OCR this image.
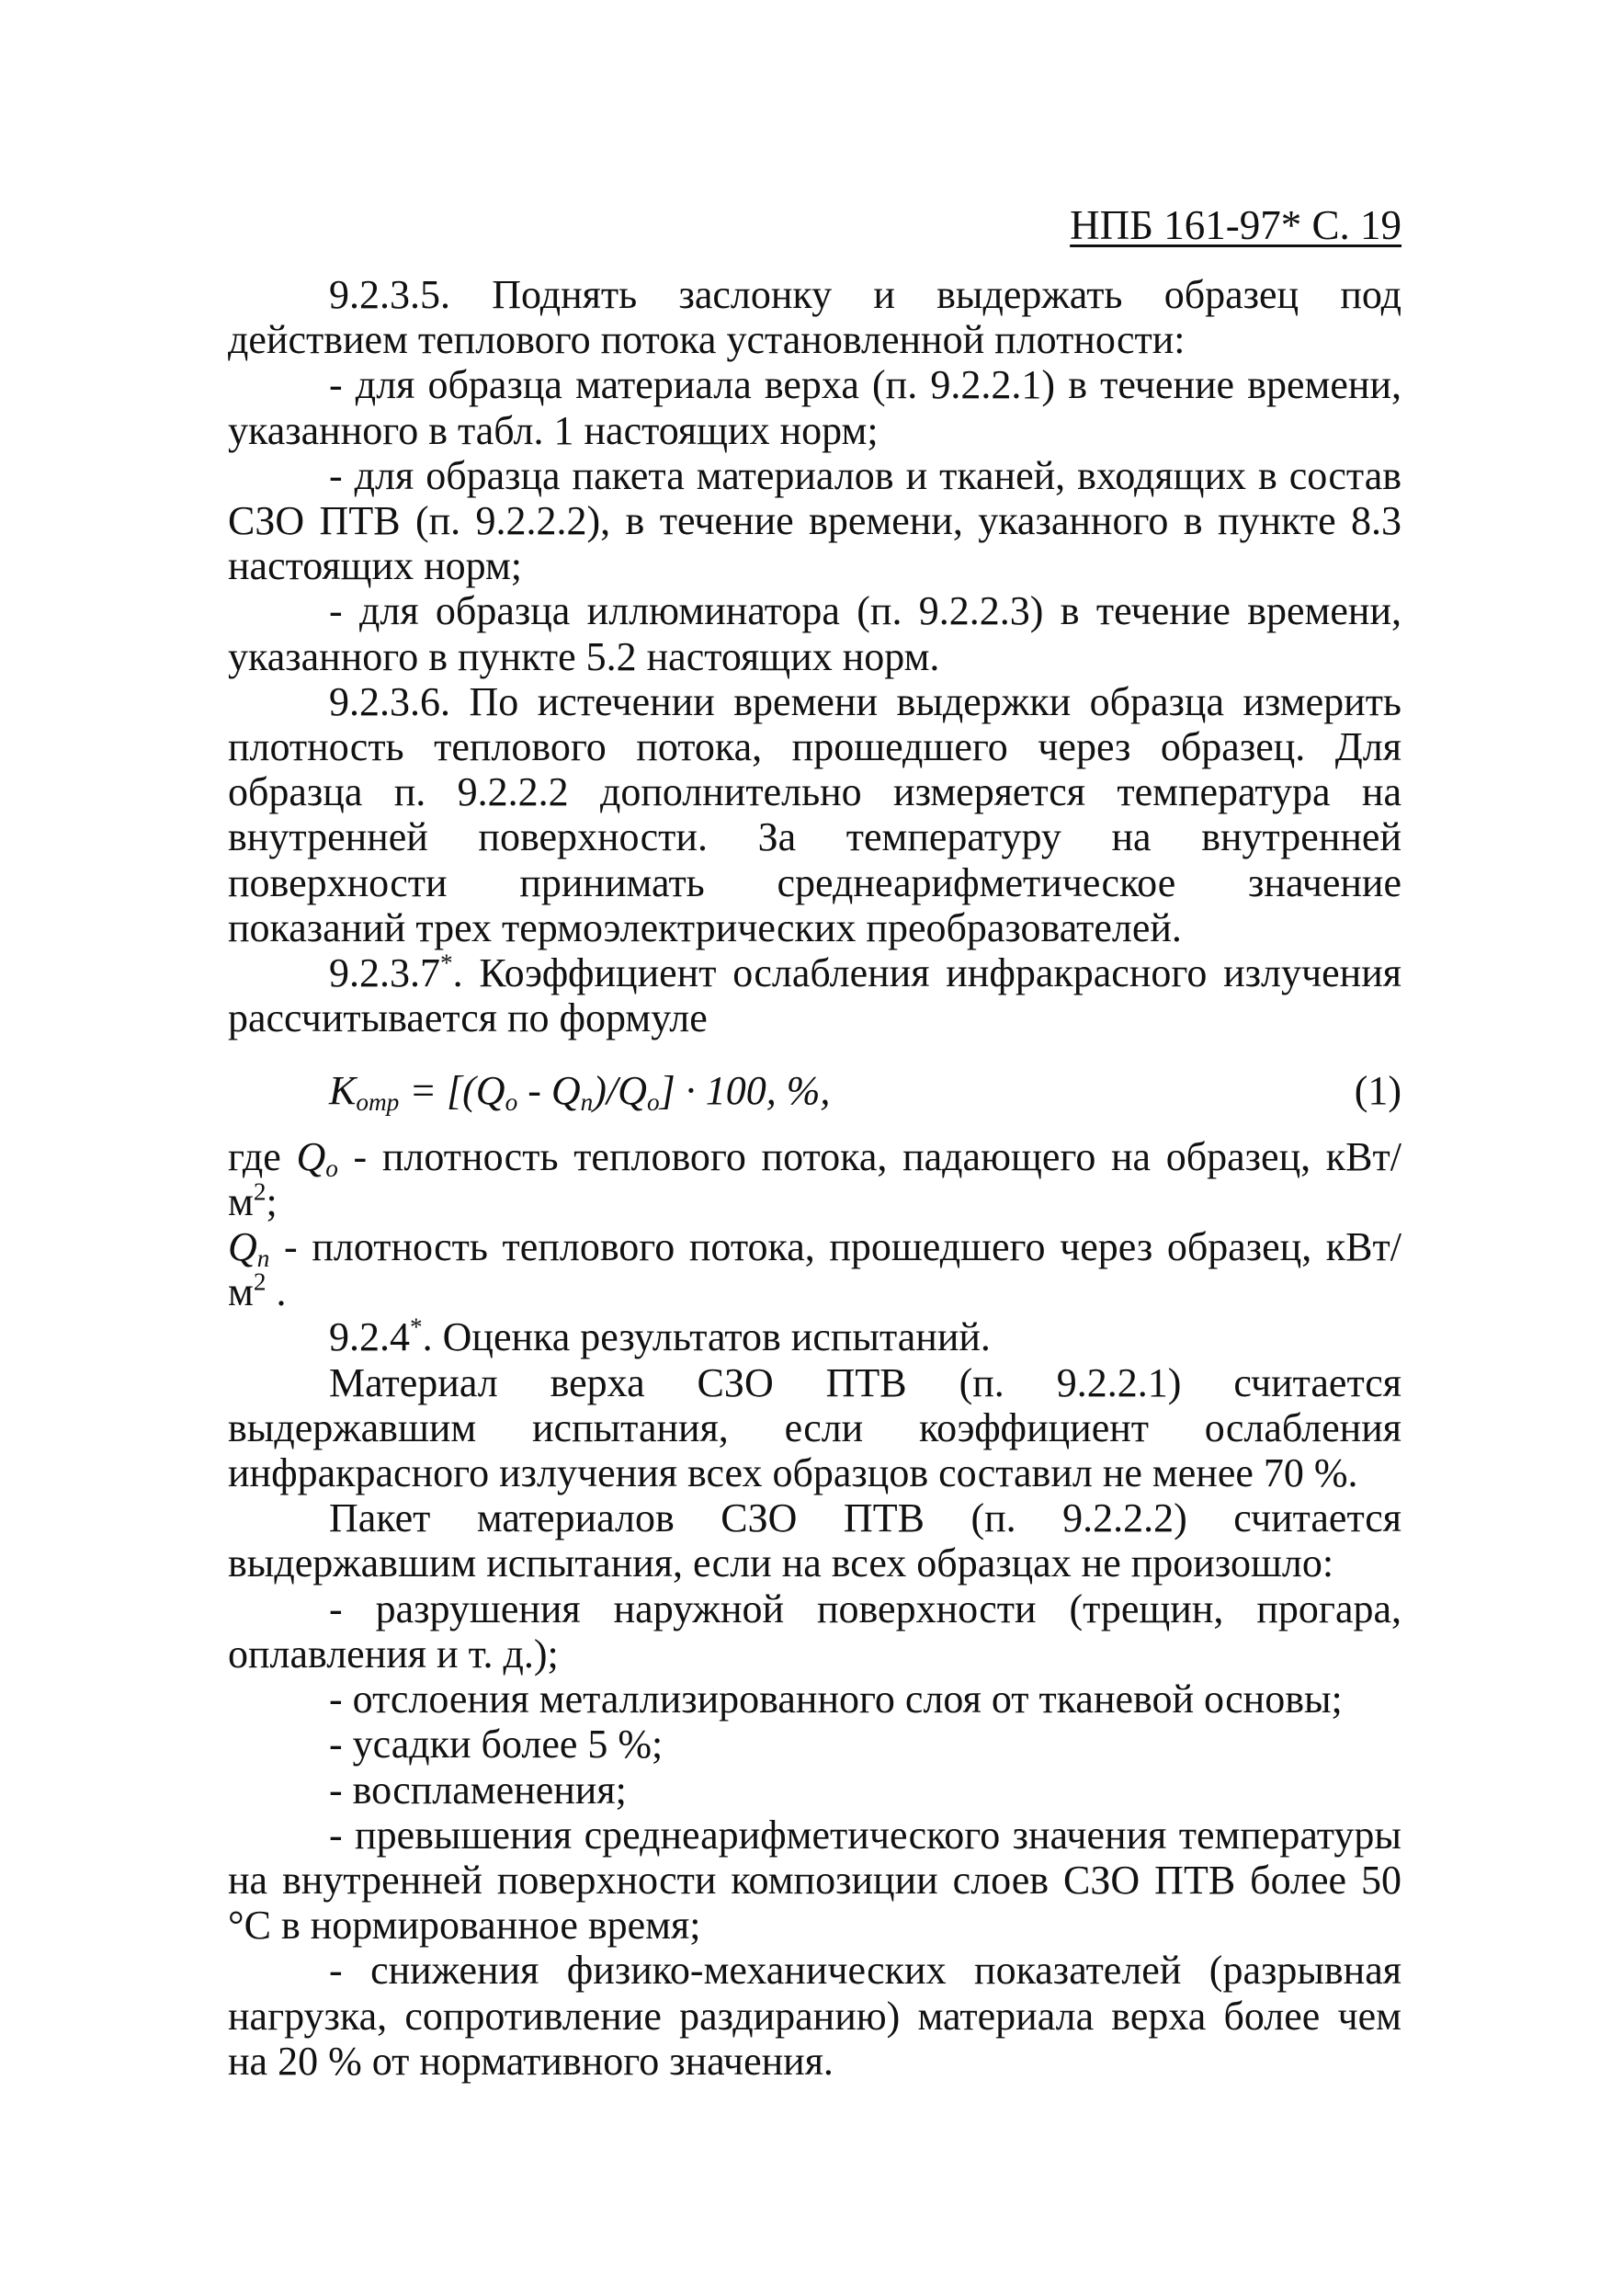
НПБ 161-97* С. 19

9.2.3.5. Поднять заслонку и выдержать образец под действием теплового потока установленной плотности:

- для образца материала верха (п. 9.2.2.1) в течение времени, указанного в табл. 1 настоящих норм;

- для образца пакета материалов и тканей, входящих в состав СЗО ПТВ (п. 9.2.2.2), в течение времени, указанного в пункте 8.3 настоящих норм;

- для образца иллюминатора (п. 9.2.2.3) в течение времени, указанного в пункте 5.2 настоящих норм.

9.2.3.6. По истечении времени выдержки образца измерить плотность теплового потока, прошедшего через образец. Для образца п. 9.2.2.2 дополнительно измеряется температура на внутренней поверхности. За температуру на внутренней поверхности принимать среднеарифметическое значение показаний трех термоэлектрических преобразователей.

9.2.3.7*. Коэффициент ослабления инфракрасного излучения рассчитывается по формуле

$K_{отр} = [(Q_o - Q_п)/Q_o] \cdot 100$, %,	(1)

где $Q_o$ - плотность теплового потока, падающего на образец, кВт/$м^2$;

$Q_п$ - плотность теплового потока, прошедшего через образец, кВт/$м^2$ .

9.2.4*. Оценка результатов испытаний.

Материал верха СЗО ПТВ (п. 9.2.2.1) считается выдержавшим испытания, если коэффициент ослабления инфракрасного излучения всех образцов составил не менее 70 %.

Пакет материалов СЗО ПТВ (п. 9.2.2.2) считается выдержавшим испытания, если на всех образцах не произошло:

- разрушения наружной поверхности (трещин, прогара, оплавления и т. д.);

- отслоения металлизированного слоя от тканевой основы;

- усадки более 5 %;

- воспламенения;

- превышения среднеарифметического значения температуры на внутренней поверхности композиции слоев СЗО ПТВ более 50 °С в нормированное время;

- снижения физико-механических показателей (разрывная нагрузка, сопротивление раздиранию) материала верха более чем на 20 % от нормативного значения.
